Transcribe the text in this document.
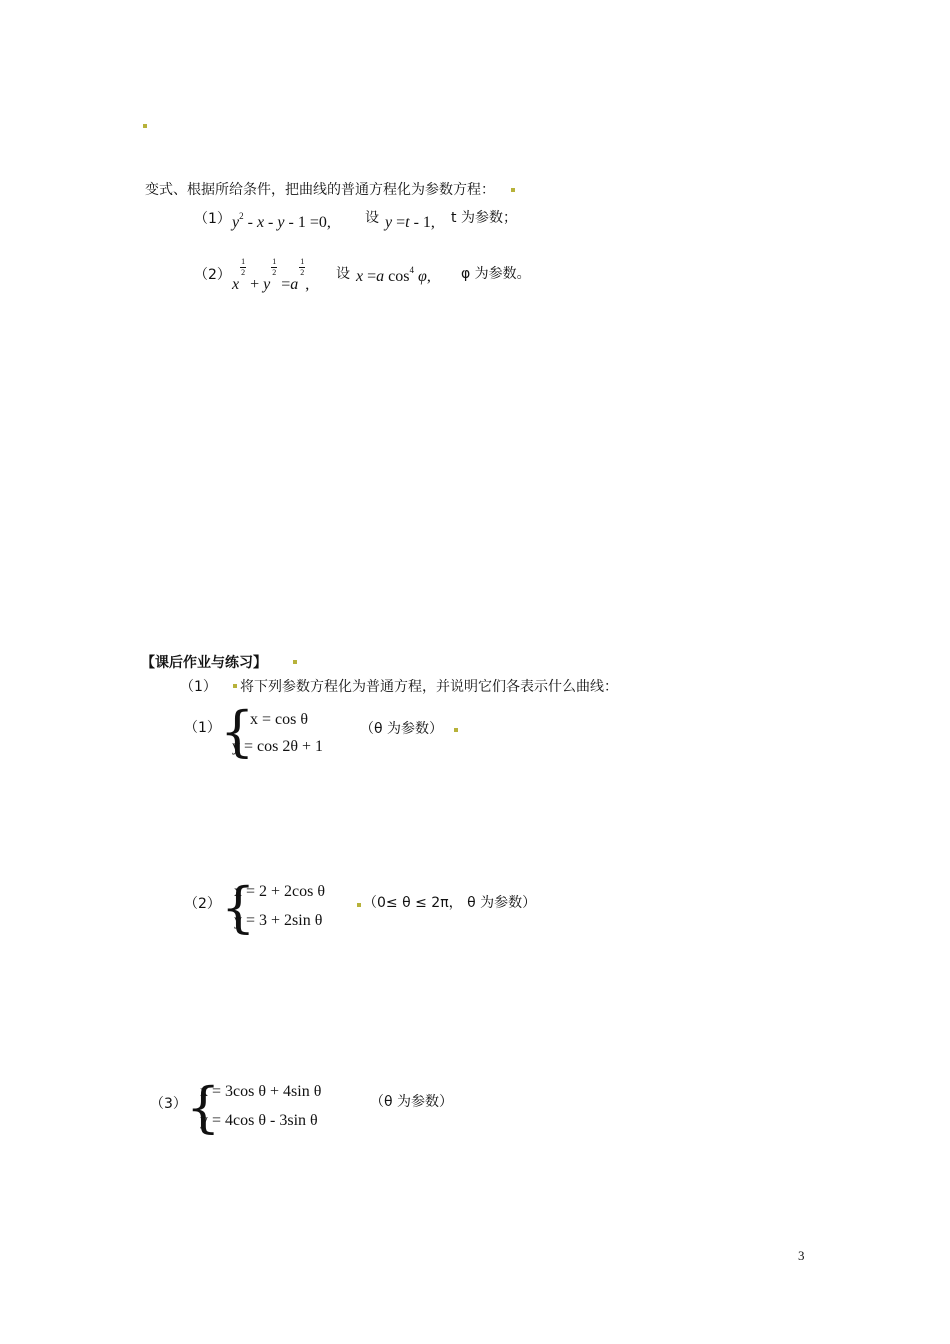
变式、根据所给条件，把曲线的普通方程化为参数方程：
（1） $y^2 - x - y - 1 =0$, 设 y =t - 1, t 为参数；
（2）
x
$\frac{1}{2}$
+ y
$\frac{1}{2}$
=a
$\frac{1}{2}$
,
设 x =a $\cos^4 \varphi$, φ 为参数。
【课后作业与练习】
（1） 将下列参数方程化为普通方程，并说明它们各表示什么曲线：
（1） {
x = cos θ
y = cos 2θ + 1
（θ 为参数）
（2） {
x = 2 + 2cos θ
y = 3 + 2sin θ
（0≤ θ ≤ 2π， θ 为参数）
（3） {
x = 3cos θ + 4sin θ
y = 4cos θ - 3sin θ
（θ 为参数）
3
